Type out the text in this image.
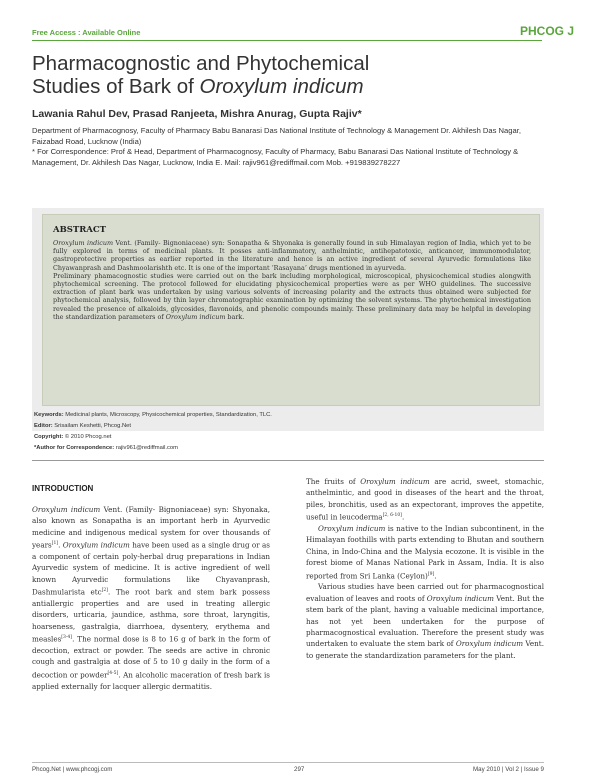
Free Access : Available Online	PHCOG J
Pharmacognostic and Phytochemical
Studies of Bark of Oroxylum indicum
Lawania Rahul Dev, Prasad Ranjeeta, Mishra Anurag, Gupta Rajiv*
Department of Pharmacognosy, Faculty of Pharmacy Babu Banarasi Das National Institute of Technology & Management Dr. Akhilesh Das Nagar, Faizabad Road, Lucknow (India)
* For Correspondence: Prof & Head, Department of Pharmacognosy, Faculty of Pharmacy, Babu Banarasi Das National Institute of Technology & Management, Dr. Akhilesh Das Nagar, Lucknow, India E. Mail: rajiv961@rediffmail.com Mob. +919839278227
ABSTRACT
Oroxylum indicum Vent. (Family- Bignoniaceae) syn: Sonapatha & Shyonaka is generally found in sub Himalayan region of India, which yet to be fully explored in terms of medicinal plants. It posses anti-inflammatory, anthelmintic, antihepatotoxic, anticancer, immunomodulator, gastroprotective properties as earlier reported in the literature and hence is an active ingredient of several Ayurvedic formulations like Chyawanprash and Dashmoolarishth etc. It is one of the important ‘Rasayana’ drugs mentioned in ayurveda.
Preliminary phamacognostic studies were carried out on the bark including morphological, microscopical, physicochemical studies alongwith phytochemical screening. The protocol followed for elucidating physicochemical properties were as per WHO guidelines. The successive extraction of plant bark was undertaken by using various solvents of increasing polarity and the extracts thus obtained were subjected for phytochemical analysis, followed by thin layer chromatographic examination by optimizing the solvent systems. The phytochemical investigation revealed the presence of alkaloids, glycosides, flavonoids, and phenolic compounds mainly. These preliminary data may be helpful in developing the standardization parameters of Oroxylum indicum bark.
Keywords: Medicinal plants, Microscopy, Physicochemical properties, Standardization, TLC.
Editor: Srisailam Keshetti, Phcog.Net
Copyright: © 2010 Phcog.net
*Author for Correspondence: rajiv961@rediffmail.com
INTRODUCTION

Oroxylum indicum Vent. (Family- Bignoniaceae) syn: Shyonaka, also known as Sonapatha is an important herb in Ayurvedic medicine and indigenous medical system for over thousands of years[1]. Oroxylum indicum have been used as a single drug or as a component of certain poly-herbal drug preparations in Indian Ayurvedic system of medicine. It is active ingredient of well known Ayurvedic formulations like Chyavanprash, Dashmularista etc[2]. The root bark and stem bark possess antiallergic properties and are used in treating allergic disorders, urticaria, jaundice, asthma, sore throat, laryngitis, hoarseness, gastralgia, diarrhoea, dysentery, erythema and measles[3-4]. The normal dose is 8 to 16 g of bark in the form of decoction, extract or powder. The seeds are active in chronic cough and gastralgia at dose of 5 to 10 g daily in the form of a decoction or powder[4-5]. An alcoholic maceration of fresh bark is applied externally for lacquer allergic dermatitis.

The fruits of Oroxylum indicum are acrid, sweet, stomachic, anthelmintic, and good in diseases of the heart and the throat, piles, bronchitis, used as an expectorant, improves the appetite, useful in leucoderma[2, 6-10].

Oroxylum indicum is native to the Indian subcontinent, in the Himalayan foothills with parts extending to Bhutan and southern China, in Indo-China and the Malysia ecozone. It is visible in the forest biome of Manas National Park in Assam, India. It is also reported from Sri Lanka (Ceylon)[9].

Various studies have been carried out for pharmacognostical evaluation of leaves and roots of Oroxylum indicum Vent. But the stem bark of the plant, having a valuable medicinal importance, has not yet been undertaken for the purpose of pharmacognostical evaluation. Therefore the present study was undertaken to evaluate the stem bark of Oroxylum indicum Vent. to generate the standardization parameters for the plant.

Phcog.Net | www.phcogj.com	297	May 2010 | Vol 2 | Issue 9
